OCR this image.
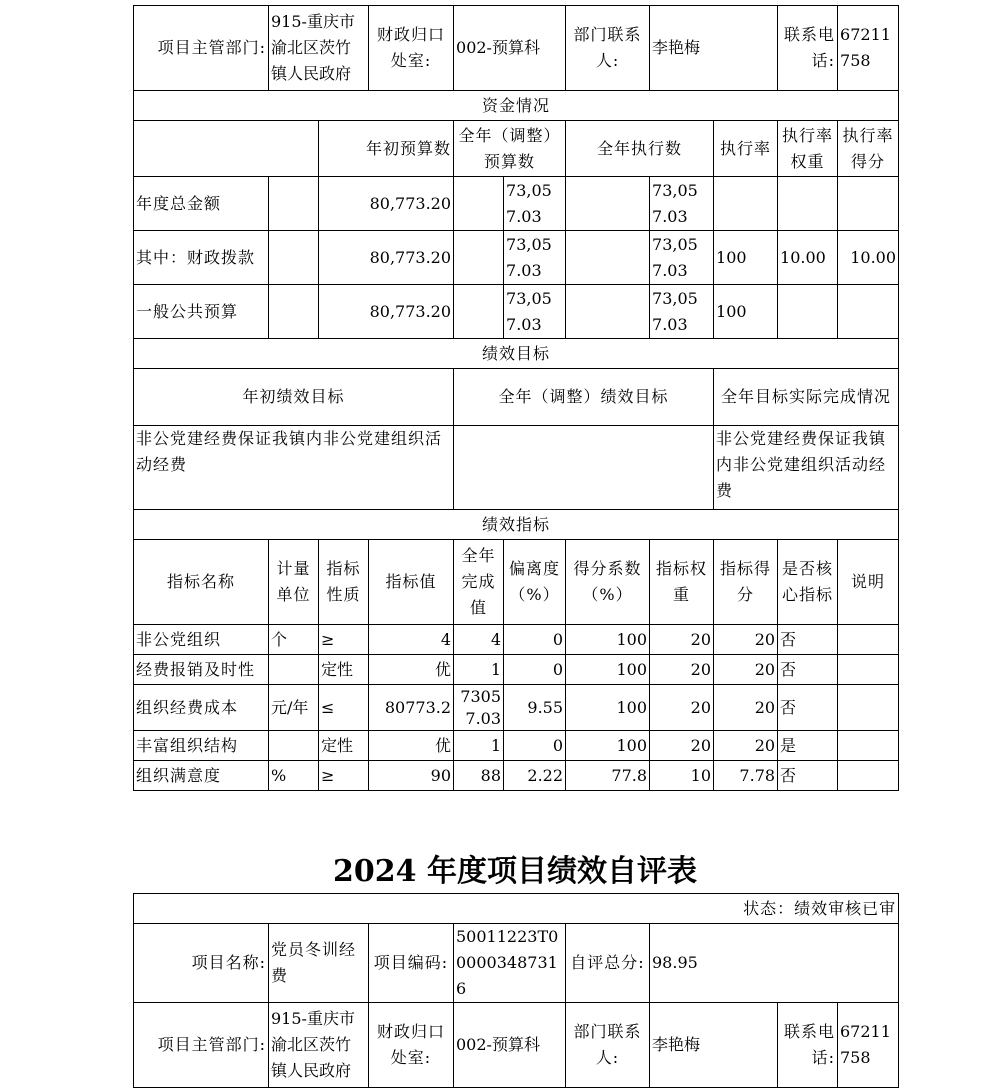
项目主管部门:	915-重庆市渝北区茨竹镇人民政府		财政归口处室:	002-预算科		部门联系人:	李艳梅		联系电话:	67211758
资金情况										
		年初预算数		全年（调整）预算数		全年执行数		执行率	执行率权重	执行率得分
年度总金额		80,773.20			73,057.03		73,057.03			
其中：财政拨款		80,773.20			73,057.03		73,057.03	100	10.00	10.00
一般公共预算		80,773.20			73,057.03		73,057.03	100		
绩效目标										
年初绩效目标				全年（调整）绩效目标				全年目标实际完成情况		
非公党建经费保证我镇内非公党建组织活动经费								非公党建经费保证我镇内非公党建组织活动经费		
绩效指标										
指标名称	计量单位	指标性质	指标值	全年完成值	偏离度（%）	得分系数（%）	指标权重	指标得分	是否核心指标	说明
非公党组织	个	≥	4	4	0	100	20	20	否	
经费报销及时性		定性	优	1	0	100	20	20	否	
组织经费成本	元/年	≤	80773.2	73057.03	9.55	100	20	20	否	
丰富组织结构		定性	优	1	0	100	20	20	是	
组织满意度	%	≥	90	88	2.22	77.8	10	7.78	否	
2024 年度项目绩效自评表
状态：绩效审核已审							
项目名称:	党员冬训经费	项目编码:	50011223T000003487316	自评总分:	98.95		
项目主管部门:	915-重庆市渝北区茨竹镇人民政府	财政归口处室:	002-预算科	部门联系人:	李艳梅	联系电话:	67211758
